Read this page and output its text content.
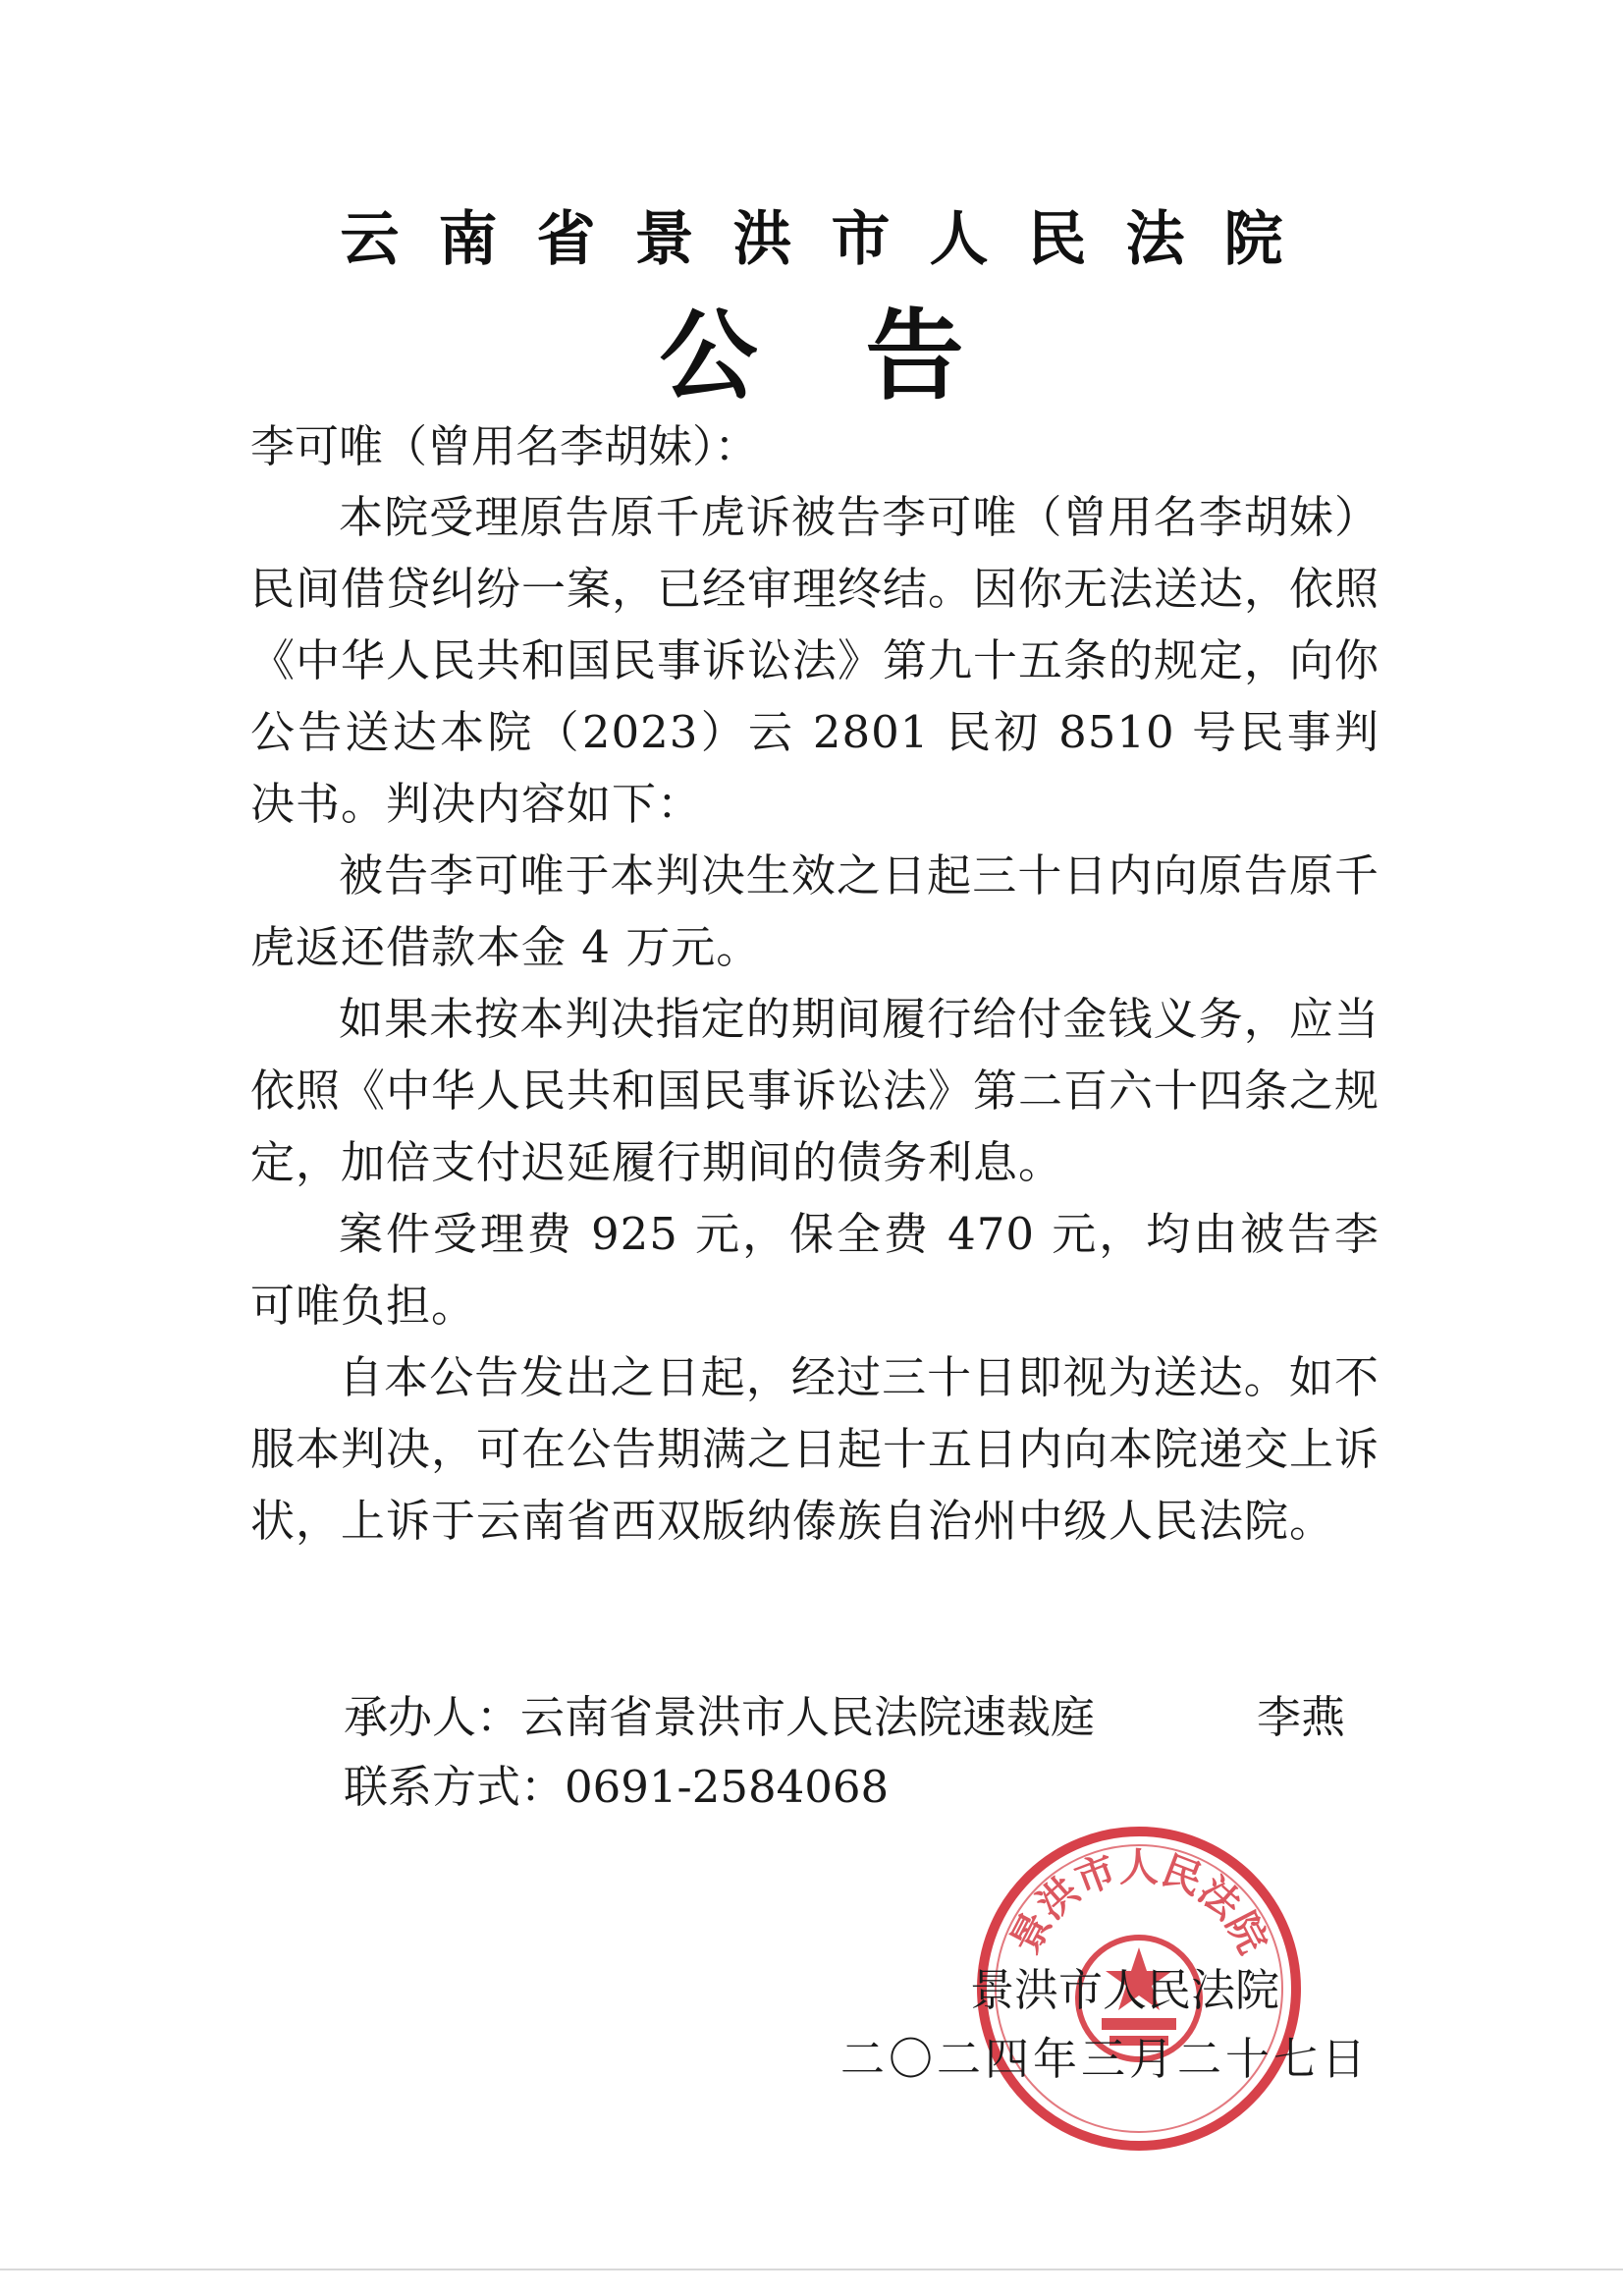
云南省景洪市人民法院
公告
李可唯（曾用名李胡妹）：

本院受理原告原千虎诉被告李可唯（曾用名李胡妹）民间借贷纠纷一案，已经审理终结。因你无法送达，依照《中华人民共和国民事诉讼法》第九十五条的规定，向你公告送达本院（2023）云 2801 民初 8510 号民事判决书。判决内容如下：

被告李可唯于本判决生效之日起三十日内向原告原千虎返还借款本金 4 万元。

如果未按本判决指定的期间履行给付金钱义务，应当依照《中华人民共和国民事诉讼法》第二百六十四条之规定，加倍支付迟延履行期间的债务利息。

案件受理费 925 元，保全费 470 元，均由被告李可唯负担。

自本公告发出之日起，经过三十日即视为送达。如不服本判决，可在公告期满之日起十五日内向本院递交上诉状，上诉于云南省西双版纳傣族自治州中级人民法院。

承办人：云南省景洪市人民法院速裁庭	李燕
联系方式：0691-2584068
景洪市人民法院
景洪市人民法院
二〇二四年三月二十七日
